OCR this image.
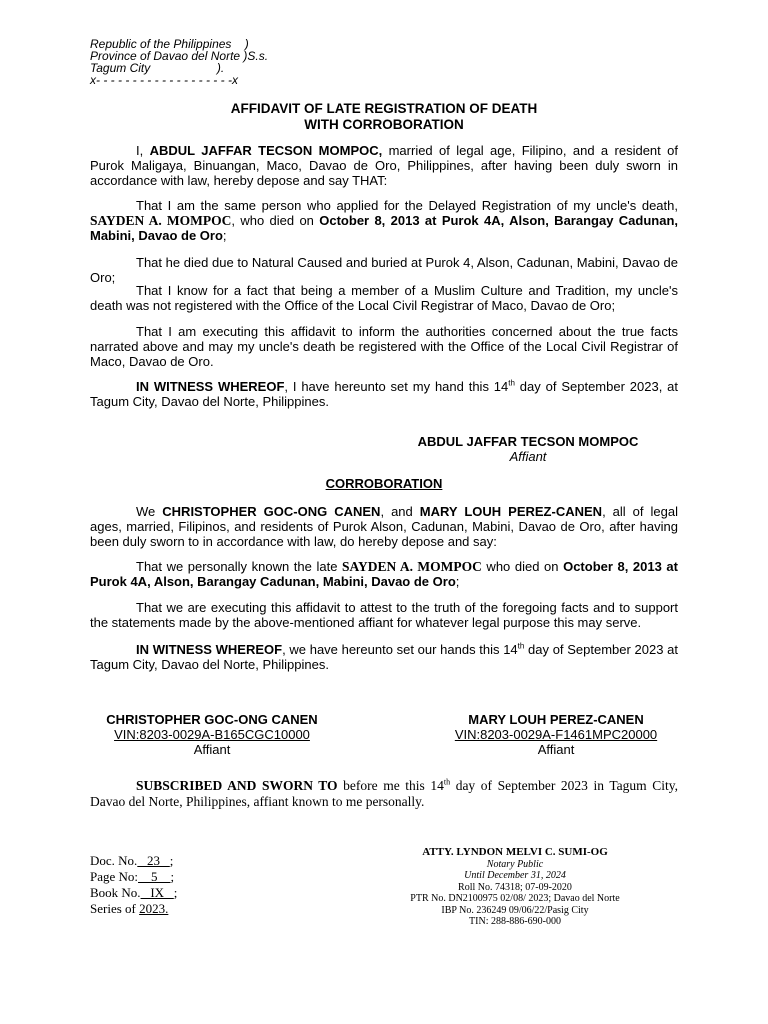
Republic of the Philippines    )
Province of Davao del Norte )S.s.
Tagum City                    ).
x- - - - - - - - - - - - - - - - - - -x
AFFIDAVIT OF LATE REGISTRATION OF DEATH
WITH CORROBORATION
I, ABDUL JAFFAR TECSON MOMPOC, married of legal age, Filipino, and a resident of Purok Maligaya, Binuangan, Maco, Davao de Oro, Philippines, after having been duly sworn in accordance with law, hereby depose and say THAT:
That I am the same person who applied for the Delayed Registration of my uncle's death, SAYDEN A. MOMPOC, who died on October 8, 2013 at Purok 4A, Alson, Barangay Cadunan, Mabini, Davao de Oro;
That he died due to Natural Caused and buried at Purok 4, Alson, Cadunan, Mabini, Davao de Oro;
That I know for a fact that being a member of a Muslim Culture and Tradition, my uncle's death was not registered with the Office of the Local Civil Registrar of Maco, Davao de Oro;
That I am executing this affidavit to inform the authorities concerned about the true facts narrated above and may my uncle's death be registered with the Office of the Local Civil Registrar of Maco, Davao de Oro.
IN WITNESS WHEREOF, I have hereunto set my hand this 14th day of September 2023, at Tagum City, Davao del Norte, Philippines.
ABDUL JAFFAR TECSON MOMPOC
Affiant
CORROBORATION
We CHRISTOPHER GOC-ONG CANEN, and MARY LOUH PEREZ-CANEN, all of legal ages, married, Filipinos, and residents of Purok Alson, Cadunan, Mabini, Davao de Oro, after having been duly sworn to in accordance with law, do hereby depose and say:
That we personally known the late SAYDEN A. MOMPOC who died on October 8, 2013 at Purok 4A, Alson, Barangay Cadunan, Mabini, Davao de Oro;
That we are executing this affidavit to attest to the truth of the foregoing facts and to support the statements made by the above-mentioned affiant for whatever legal purpose this may serve.
IN WITNESS WHEREOF, we have hereunto set our hands this 14th day of September 2023 at Tagum City, Davao del Norte, Philippines.
CHRISTOPHER GOC-ONG CANEN
VIN:8203-0029A-B165CGC10000
Affiant
MARY LOUH PEREZ-CANEN
VIN:8203-0029A-F1461MPC20000
Affiant
SUBSCRIBED AND SWORN TO before me this 14th day of September 2023 in Tagum City, Davao del Norte, Philippines, affiant known to me personally.
Doc. No.   23   ;
Page No:    5    ;
Book No.   IX   ;
Series of 2023.
ATTY. LYNDON MELVI C. SUMI-OG
Notary Public
Until December 31, 2024
Roll No. 74318; 07-09-2020
PTR No. DN2100975 02/08/ 2023; Davao del Norte
IBP No. 236249 09/06/22/Pasig City
TIN: 288-886-690-000
